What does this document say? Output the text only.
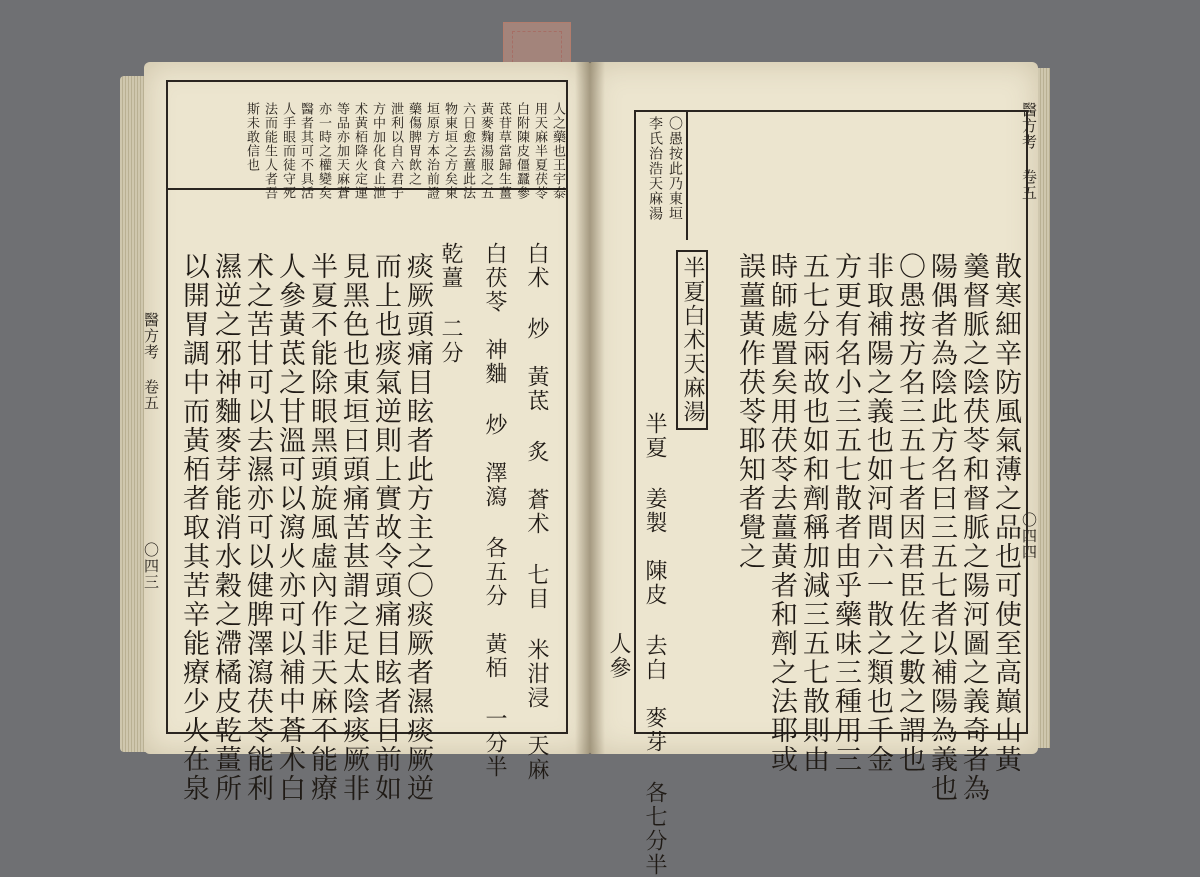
人之藥也王宇泰
用天麻半夏茯苓
白附陳皮僵蠶參
茋苷草當歸生薑
黃麥麴湯服之五
六日愈去薑此法
物東垣之方矣東
垣原方本治前證
藥傷脾胃飲之
泄利以自六君子
方中加化食止泄
术黃栢降火定運
等品亦加天麻蒼
亦一時之權變矣
醫者其可不具活
人手眼而徒守死
法而能生人者吾
斯未敢信也
白术 炒　黃茋 炙　蒼术 七目 米泔浸　天麻
白茯苓　神麯 炒　澤瀉 各五分　黃栢 一分半
乾薑 二分
痰厥頭痛目眩者此方主之〇痰厥者濕痰厥逆
而上也痰氣逆則上實故令頭痛目眩者目前如
見黑色也東垣曰頭痛苦甚謂之足太陰痰厥非
半夏不能除眼黑頭旋風虛內作非天麻不能療
人參黃茋之甘溫可以瀉火亦可以補中蒼术白
术之苦甘可以去濕亦可以健脾澤瀉茯苓能利
濕逆之邪神麯麥芽能消水穀之滯橘皮乾薑所
以開胃調中而黃栢者取其苦辛能療少火在泉
醫方考 卷五
〇四三
醫方考 卷五
〇四四
〇愚按此乃東垣
李氏治浩天麻湯
散寒細辛防風氣薄之品也可使至高巔山黃
羹督脈之陰茯苓和督脈之陽河圖之義奇者為
陽偶者為陰此方名曰三五七者以補陽為義也
〇愚按方名三五七者因君臣佐之數之謂也
非取補陽之義也如河間六一散之類也千金
方更有名小三五七散者由乎藥味三種用三
五七分兩故也如和劑稱加減三五七散則由
時師處置矣用茯苓去薑黃者和劑之法耶或
誤薑黃作茯苓耶知者覺之
半夏白术天麻湯
半夏 姜製　陳皮 去白　麥芽 各七分半
人參
